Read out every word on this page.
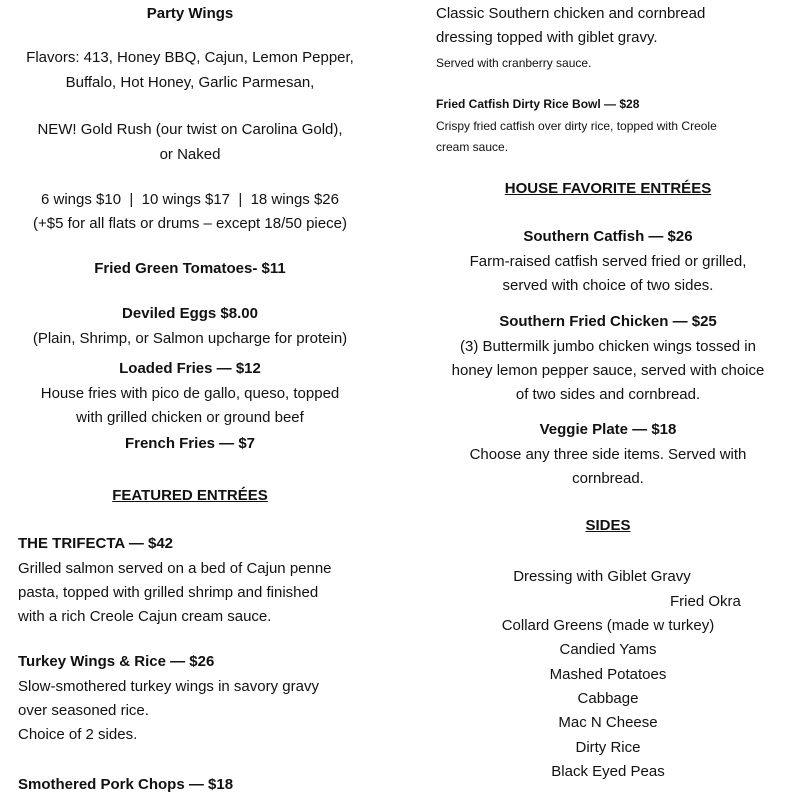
Party Wings
Flavors: 413, Honey BBQ, Cajun, Lemon Pepper,
Buffalo, Hot Honey, Garlic Parmesan,
NEW! Gold Rush (our twist on Carolina Gold),
or Naked
6 wings $10  |  10 wings $17  |  18 wings $26
(+$5 for all flats or drums – except 18/50 piece)
Fried Green Tomatoes- $11
Deviled Eggs $8.00
(Plain, Shrimp, or Salmon upcharge for protein)
Loaded Fries — $12
House fries with pico de gallo, queso, topped
with grilled chicken or ground beef
French Fries — $7
FEATURED ENTRÉES
THE TRIFECTA — $42
Grilled salmon served on a bed of Cajun penne
pasta, topped with grilled shrimp and finished
with a rich Creole Cajun cream sauce.
Turkey Wings & Rice — $26
Slow-smothered turkey wings in savory gravy
over seasoned rice.
Choice of 2 sides.
Smothered Pork Chops — $18
Classic Southern chicken and cornbread
dressing topped with giblet gravy.
Served with cranberry sauce.
Fried Catfish Dirty Rice Bowl — $28
Crispy fried catfish over dirty rice, topped with Creole
cream sauce.
HOUSE FAVORITE ENTRÉES
Southern Catfish — $26
Farm-raised catfish served fried or grilled,
served with choice of two sides.
Southern Fried Chicken — $25
(3) Buttermilk jumbo chicken wings tossed in
honey lemon pepper sauce, served with choice
of two sides and cornbread.
Veggie Plate — $18
Choose any three side items. Served with
cornbread.
SIDES
Dressing with Giblet Gravy
Fried Okra
Collard Greens (made w turkey)
Candied Yams
Mashed Potatoes
Cabbage
Mac N Cheese
Dirty Rice
Black Eyed Peas
